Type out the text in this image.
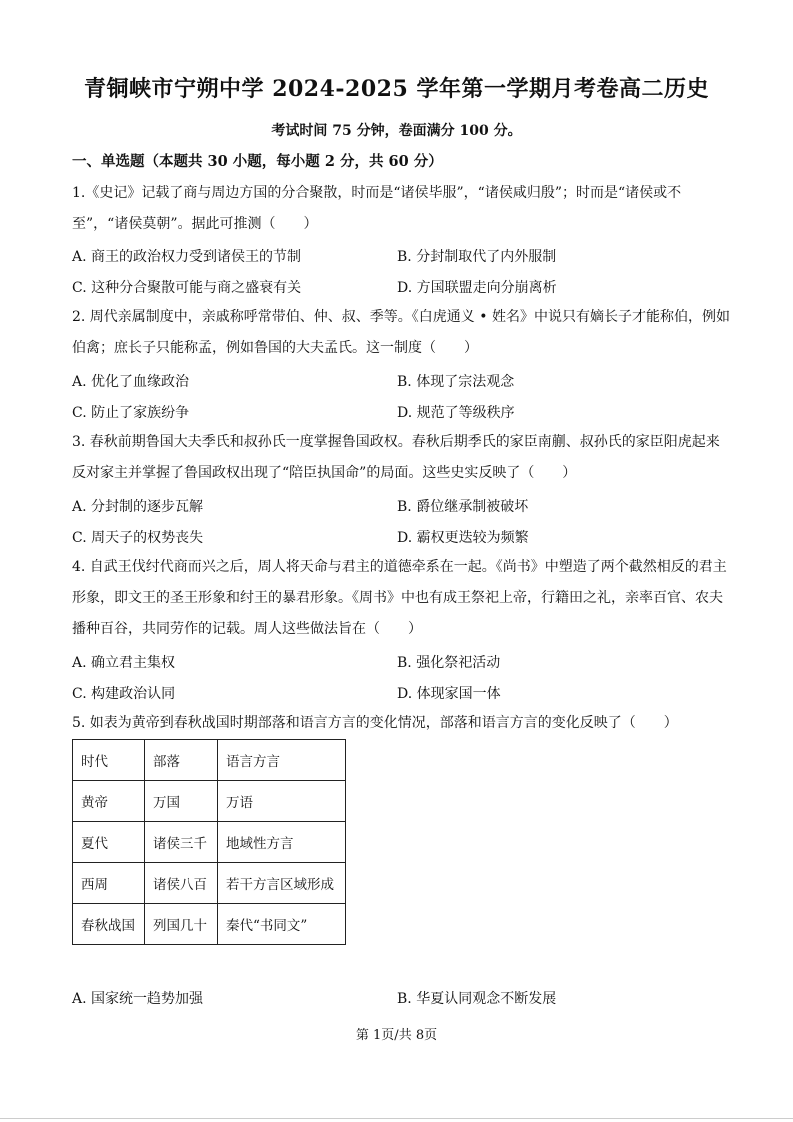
青铜峡市宁朔中学 2024-2025 学年第一学期月考卷高二历史
考试时间 75 分钟，卷面满分 100 分。
一、单选题（本题共 30 小题，每小题 2 分，共 60 分）
1.《史记》记载了商与周边方国的分合聚散，时而是“诸侯毕服”，“诸侯咸归殷”；时而是“诸侯或不至”，“诸侯莫朝”。据此可推测（　　）
A. 商王的政治权力受到诸侯王的节制	B. 分封制取代了内外服制
C. 这种分合聚散可能与商之盛衰有关	D. 方国联盟走向分崩离析
2. 周代亲属制度中，亲戚称呼常带伯、仲、叔、季等。《白虎通义 • 姓名》中说只有嫡长子才能称伯，例如伯禽；庶长子只能称孟，例如鲁国的大夫孟氏。这一制度（　　）
A. 优化了血缘政治	B. 体现了宗法观念
C. 防止了家族纷争	D. 规范了等级秩序
3. 春秋前期鲁国大夫季氏和叔孙氏一度掌握鲁国政权。春秋后期季氏的家臣南蒯、叔孙氏的家臣阳虎起来反对家主并掌握了鲁国政权出现了“陪臣执国命”的局面。这些史实反映了（　　）
A. 分封制的逐步瓦解	B. 爵位继承制被破坏
C. 周天子的权势丧失	D. 霸权更迭较为频繁
4. 自武王伐纣代商而兴之后，周人将天命与君主的道德牵系在一起。《尚书》中塑造了两个截然相反的君主形象，即文王的圣王形象和纣王的暴君形象。《周书》中也有成王祭祀上帝，行籍田之礼，亲率百官、农夫播种百谷，共同劳作的记载。周人这些做法旨在（　　）
A. 确立君主集权	B. 强化祭祀活动
C. 构建政治认同	D. 体现家国一体
5. 如表为黄帝到春秋战国时期部落和语言方言的变化情况，部落和语言方言的变化反映了（　　）
时代	部落	语言方言
黄帝	万国	万语
夏代	诸侯三千	地域性方言
西周	诸侯八百	若干方言区域形成
春秋战国	列国几十	秦代“书同文”
A. 国家统一趋势加强	B. 华夏认同观念不断发展
第 1页/共 8页
